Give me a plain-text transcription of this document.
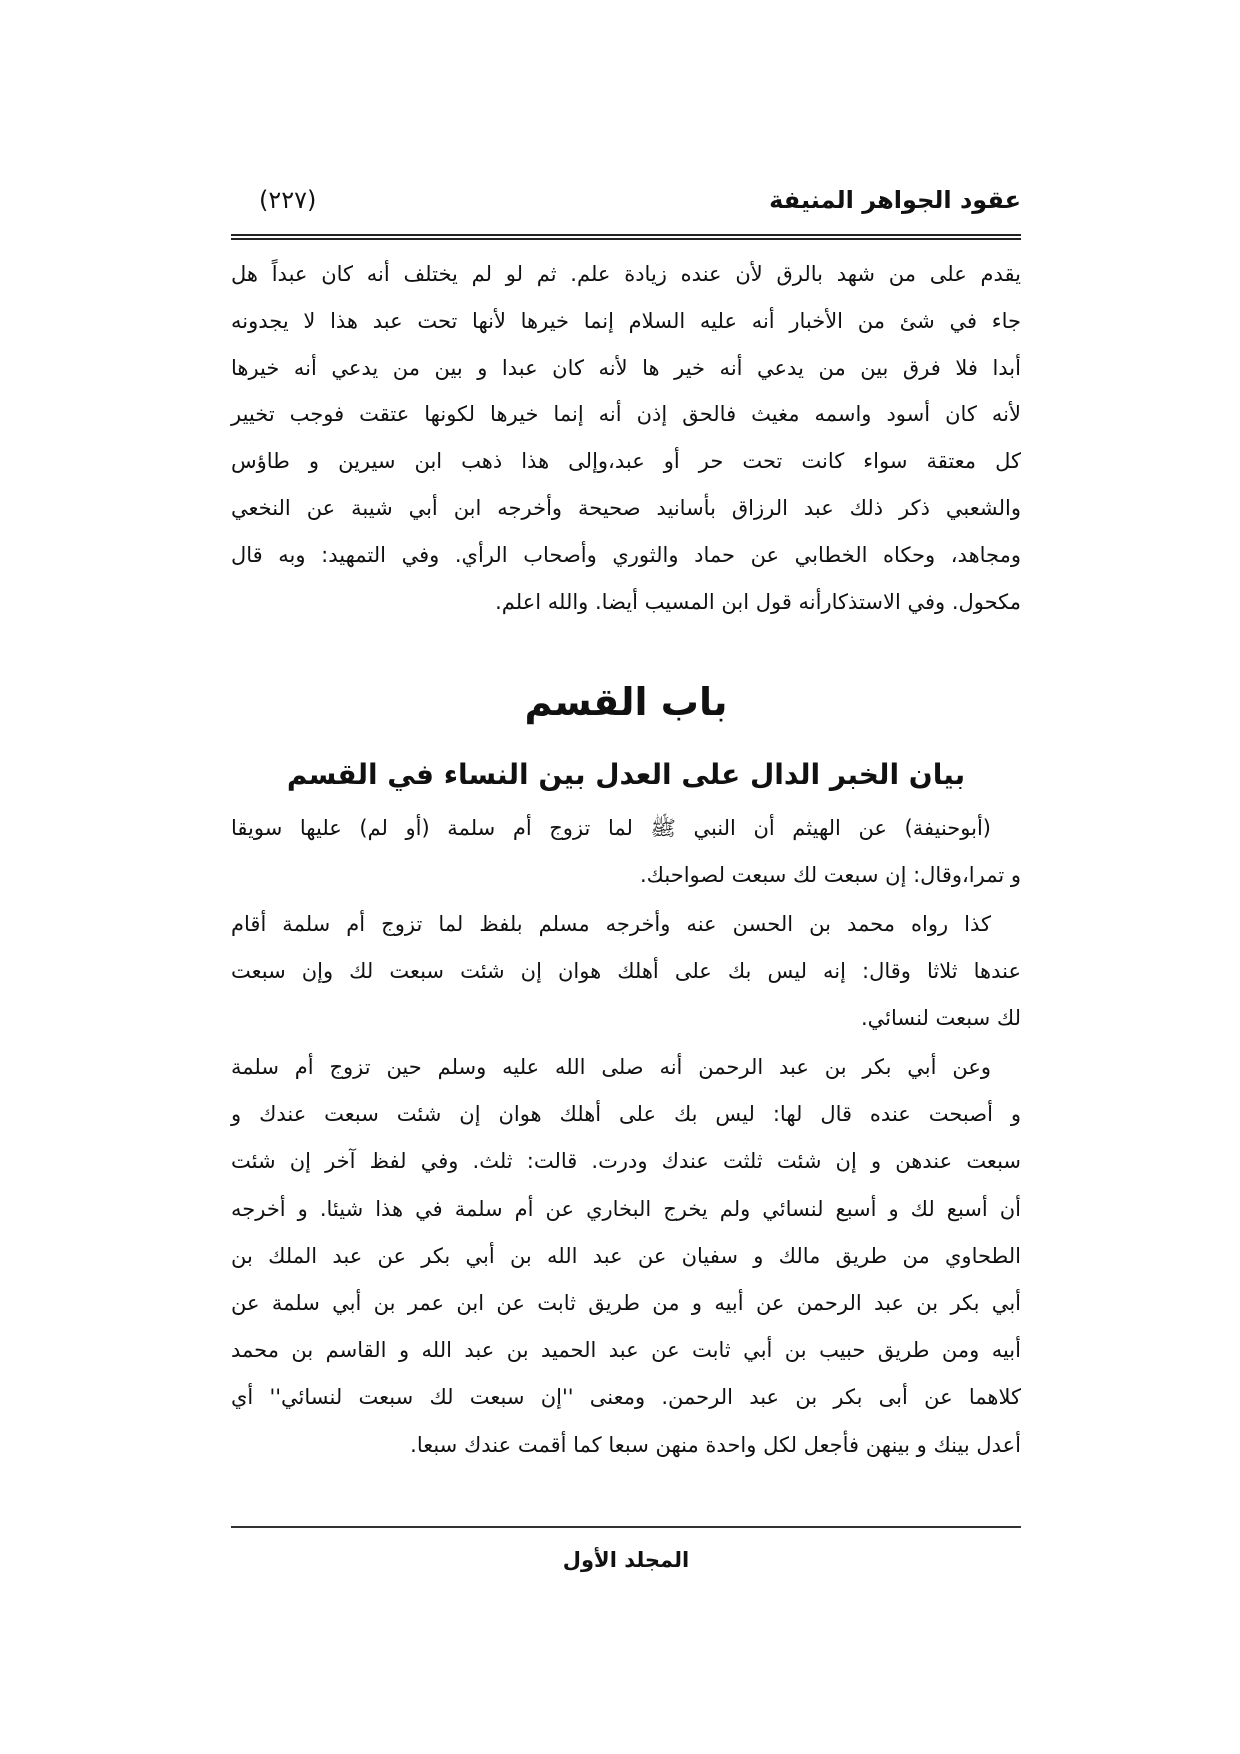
عقود الجواهر المنيفة
(٢٢٧)
يقدم على من شهد بالرق لأن عنده زيادة علم. ثم لو لم يختلف أنه كان عبداً هل
جاء في شئ من الأخبار أنه عليه السلام إنما خيرها لأنها تحت عبد هذا لا يجدونه
أبدا فلا فرق بين من يدعي أنه خير ها لأنه كان عبدا و بين من يدعي أنه خيرها
لأنه كان أسود واسمه مغيث فالحق إذن أنه إنما خيرها لكونها عتقت فوجب تخيير
كل معتقة سواء كانت تحت حر أو عبد،وإلى هذا ذهب ابن سيرين و طاؤس
والشعبي ذكر ذلك عبد الرزاق بأسانيد صحيحة وأخرجه ابن أبي شيبة عن النخعي
ومجاهد، وحكاه الخطابي عن حماد والثوري وأصحاب الرأي. وفي التمهيد: وبه قال
مكحول. وفي الاستذكارأنه قول ابن المسيب أيضا. والله اعلم.
باب القسم
بيان الخبر الدال على العدل بين النساء في القسم
(أبوحنيفة) عن الهيثم أن النبي ﷺ لما تزوج أم سلمة (أو لم) عليها سويقا
و تمرا،وقال: إن سبعت لك سبعت لصواحبك.
كذا رواه محمد بن الحسن عنه وأخرجه مسلم بلفظ لما تزوج أم سلمة أقام
عندها ثلاثا وقال: إنه ليس بك على أهلك هوان إن شئت سبعت لك وإن سبعت
لك سبعت لنسائي.
وعن أبي بكر بن عبد الرحمن أنه صلى الله عليه وسلم حين تزوج أم سلمة
و أصبحت عنده قال لها: ليس بك على أهلك هوان إن شئت سبعت عندك و
سبعت عندهن و إن شئت ثلثت عندك ودرت. قالت: ثلث. وفي لفظ آخر إن شئت
أن أسبع لك و أسبع لنسائي ولم يخرج البخاري عن أم سلمة في هذا شيئا. و أخرجه
الطحاوي من طريق مالك و سفيان عن عبد الله بن أبي بكر عن عبد الملك بن
أبي بكر بن عبد الرحمن عن أبيه و من طريق ثابت عن ابن عمر بن أبي سلمة عن
أبيه ومن طريق حبيب بن أبي ثابت عن عبد الحميد بن عبد الله و القاسم بن محمد
كلاهما عن أبى بكر بن عبد الرحمن. ومعنى ''إن سبعت لك سبعت لنسائي'' أي
أعدل بينك و بينهن فأجعل لكل واحدة منهن سبعا كما أقمت عندك سبعا.
المجلد الأول
